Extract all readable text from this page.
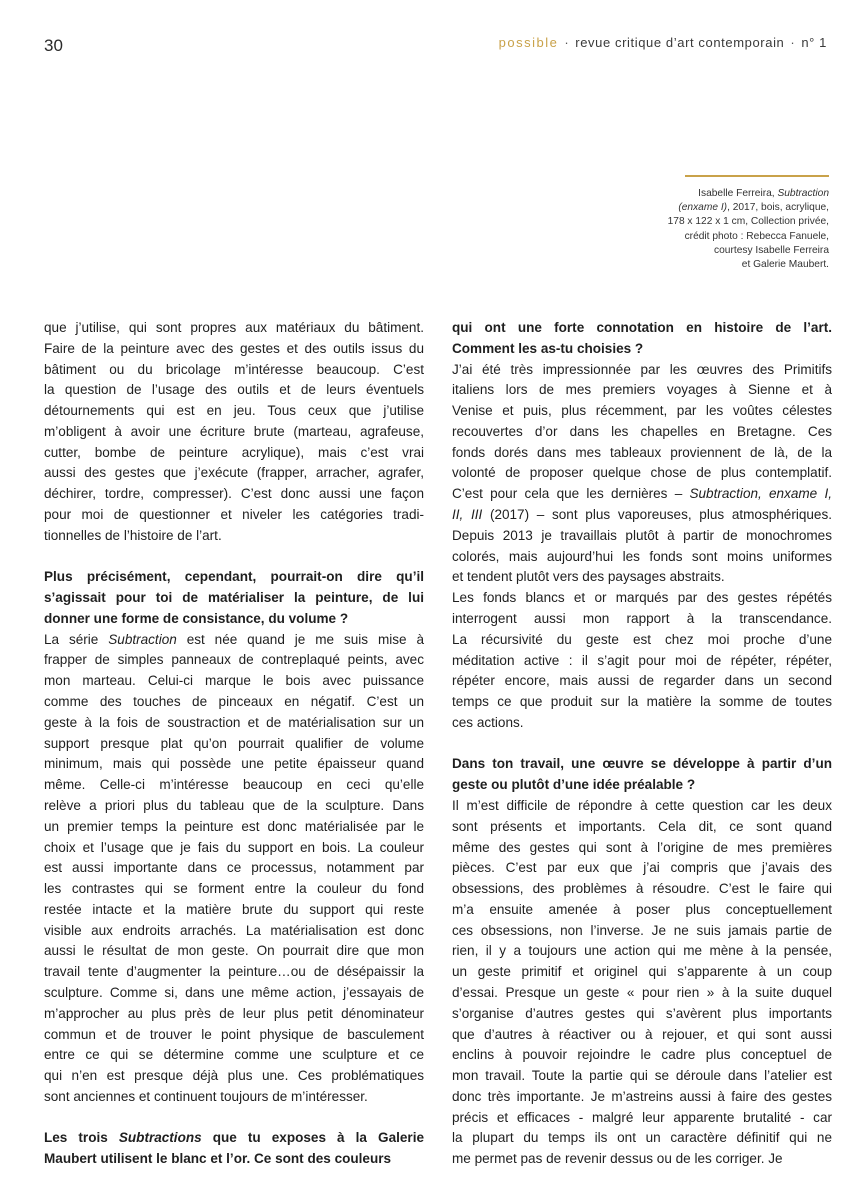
30	possible · revue critique d’art contemporain · n° 1
Isabelle Ferreira, Subtraction
(enxame I), 2017, bois, acrylique,
178 x 122 x 1 cm, Collection privée,
crédit photo : Rebecca Fanuele,
courtesy Isabelle Ferreira
et Galerie Maubert.
que j’utilise, qui sont propres aux matériaux du bâtiment.
Faire de la peinture avec des gestes et des outils issus du
bâtiment ou du bricolage m’intéresse beaucoup. C’est
la question de l’usage des outils et de leurs éventuels
détournements qui est en jeu. Tous ceux que j’utilise
m’obligent à avoir une écriture brute (marteau, agrafeuse,
cutter, bombe de peinture acrylique), mais c’est vrai
aussi des gestes que j’exécute (frapper, arracher, agrafer,
déchirer, tordre, compresser). C’est donc aussi une façon
pour moi de questionner et niveler les catégories tradi-
tionnelles de l’histoire de l’art.
Plus précisément, cependant, pourrait-on dire qu’il
s’agissait pour toi de matérialiser la peinture, de lui
donner une forme de consistance, du volume ?
La série Subtraction est née quand je me suis mise à
frapper de simples panneaux de contreplaqué peints, avec
mon marteau. Celui-ci marque le bois avec puissance
comme des touches de pinceaux en négatif. C’est un
geste à la fois de soustraction et de matérialisation sur un
support presque plat qu’on pourrait qualifier de volume
minimum, mais qui possède une petite épaisseur quand
même. Celle-ci m’intéresse beaucoup en ceci qu’elle
relève a priori plus du tableau que de la sculpture. Dans
un premier temps la peinture est donc matérialisée par le
choix et l’usage que je fais du support en bois. La couleur
est aussi importante dans ce processus, notamment par
les contrastes qui se forment entre la couleur du fond
restée intacte et la matière brute du support qui reste
visible aux endroits arrachés. La matérialisation est donc
aussi le résultat de mon geste. On pourrait dire que mon
travail tente d’augmenter la peinture…ou de désépaissir la
sculpture. Comme si, dans une même action, j’essayais de
m’approcher au plus près de leur plus petit dénominateur
commun et de trouver le point physique de basculement
entre ce qui se détermine comme une sculpture et ce
qui n’en est presque déjà plus une. Ces problématiques
sont anciennes et continuent toujours de m’intéresser.
Les trois Subtractions que tu exposes à la Galerie
Maubert utilisent le blanc et l’or. Ce sont des couleurs
qui ont une forte connotation en histoire de l’art.
Comment les as-tu choisies ?
J’ai été très impressionnée par les œuvres des Primitifs
italiens lors de mes premiers voyages à Sienne et à
Venise et puis, plus récemment, par les voûtes célestes
recouvertes d’or dans les chapelles en Bretagne. Ces
fonds dorés dans mes tableaux proviennent de là, de la
volonté de proposer quelque chose de plus contemplatif.
C’est pour cela que les dernières – Subtraction, enxame I,
II, III (2017) – sont plus vaporeuses, plus atmosphériques.
Depuis 2013 je travaillais plutôt à partir de monochromes
colorés, mais aujourd’hui les fonds sont moins uniformes
et tendent plutôt vers des paysages abstraits.
Les fonds blancs et or marqués par des gestes répétés
interrogent aussi mon rapport à la transcendance.
La récursivité du geste est chez moi proche d’une
méditation active : il s’agit pour moi de répéter, répéter,
répéter encore, mais aussi de regarder dans un second
temps ce que produit sur la matière la somme de toutes
ces actions.
Dans ton travail, une œuvre se développe à partir d’un
geste ou plutôt d’une idée préalable ?
Il m’est difficile de répondre à cette question car les deux
sont présents et importants. Cela dit, ce sont quand
même des gestes qui sont à l’origine de mes premières
pièces. C’est par eux que j’ai compris que j’avais des
obsessions, des problèmes à résoudre. C’est le faire qui
m’a ensuite amenée à poser plus conceptuellement
ces obsessions, non l’inverse. Je ne suis jamais partie de
rien, il y a toujours une action qui me mène à la pensée,
un geste primitif et originel qui s’apparente à un coup
d’essai. Presque un geste « pour rien » à la suite duquel
s’organise d’autres gestes qui s’avèrent plus importants
que d’autres à réactiver ou à rejouer, et qui sont aussi
enclins à pouvoir rejoindre le cadre plus conceptuel de
mon travail. Toute la partie qui se déroule dans l’atelier est
donc très importante. Je m’astreins aussi à faire des gestes
précis et efficaces - malgré leur apparente brutalité - car
la plupart du temps ils ont un caractère définitif qui ne
me permet pas de revenir dessus ou de les corriger. Je
